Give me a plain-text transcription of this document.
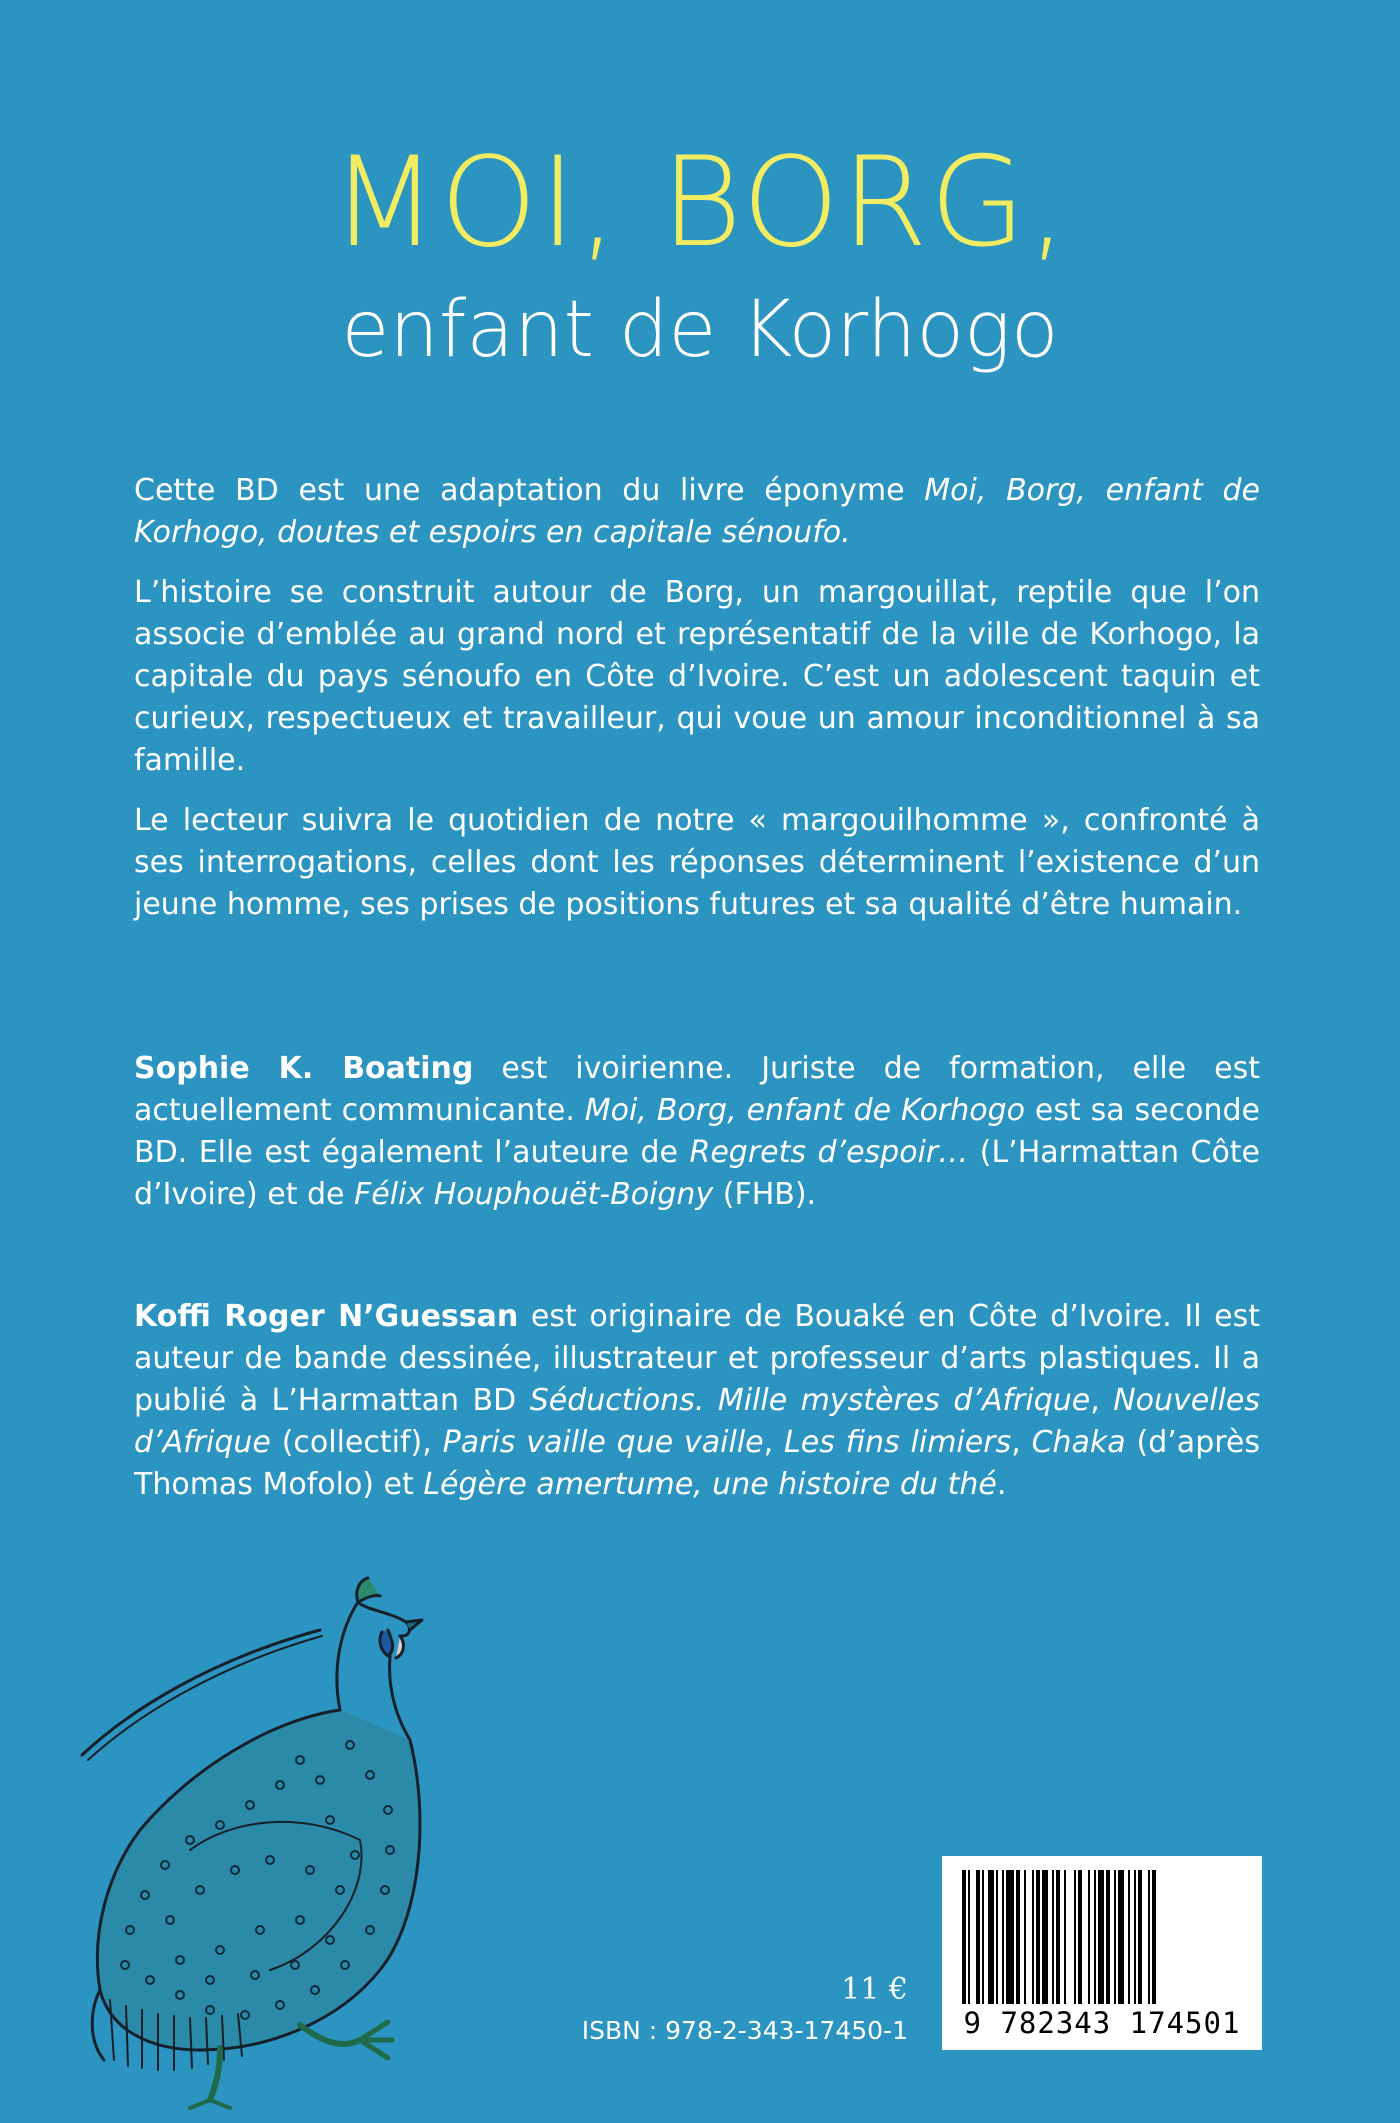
MOI, BORG,
enfant de Korhogo

Cette BD est une adaptation du livre éponyme Moi, Borg, enfant de Korhogo, doutes et espoirs en capitale sénoufo.

L’histoire se construit autour de Borg, un margouillat, reptile que l’on associe d’emblée au grand nord et représentatif de la ville de Korhogo, la capitale du pays sénoufo en Côte d’Ivoire. C’est un adolescent taquin et curieux, respectueux et travailleur, qui voue un amour inconditionnel à sa famille.

Le lecteur suivra le quotidien de notre « margouilhomme », confronté à ses interrogations, celles dont les réponses déterminent l’existence d’un jeune homme, ses prises de positions futures et sa qualité d’être humain.

Sophie K. Boating est ivoirienne. Juriste de formation, elle est actuellement communicante. Moi, Borg, enfant de Korhogo est sa seconde BD. Elle est également l’auteure de Regrets d’espoir… (L’Harmattan Côte d’Ivoire) et de Félix Houphouët-Boigny (FHB).

Koffi Roger N’Guessan est originaire de Bouaké en Côte d’Ivoire. Il est auteur de bande dessinée, illustrateur et professeur d’arts plastiques. Il a publié à L’Harmattan BD Séductions. Mille mystères d’Afrique, Nouvelles d’Afrique (collectif), Paris vaille que vaille, Les fins limiers, Chaka (d’après Thomas Mofolo) et Légère amertume, une histoire du thé.

11 €
ISBN : 978-2-343-17450-1	9 782343 174501
